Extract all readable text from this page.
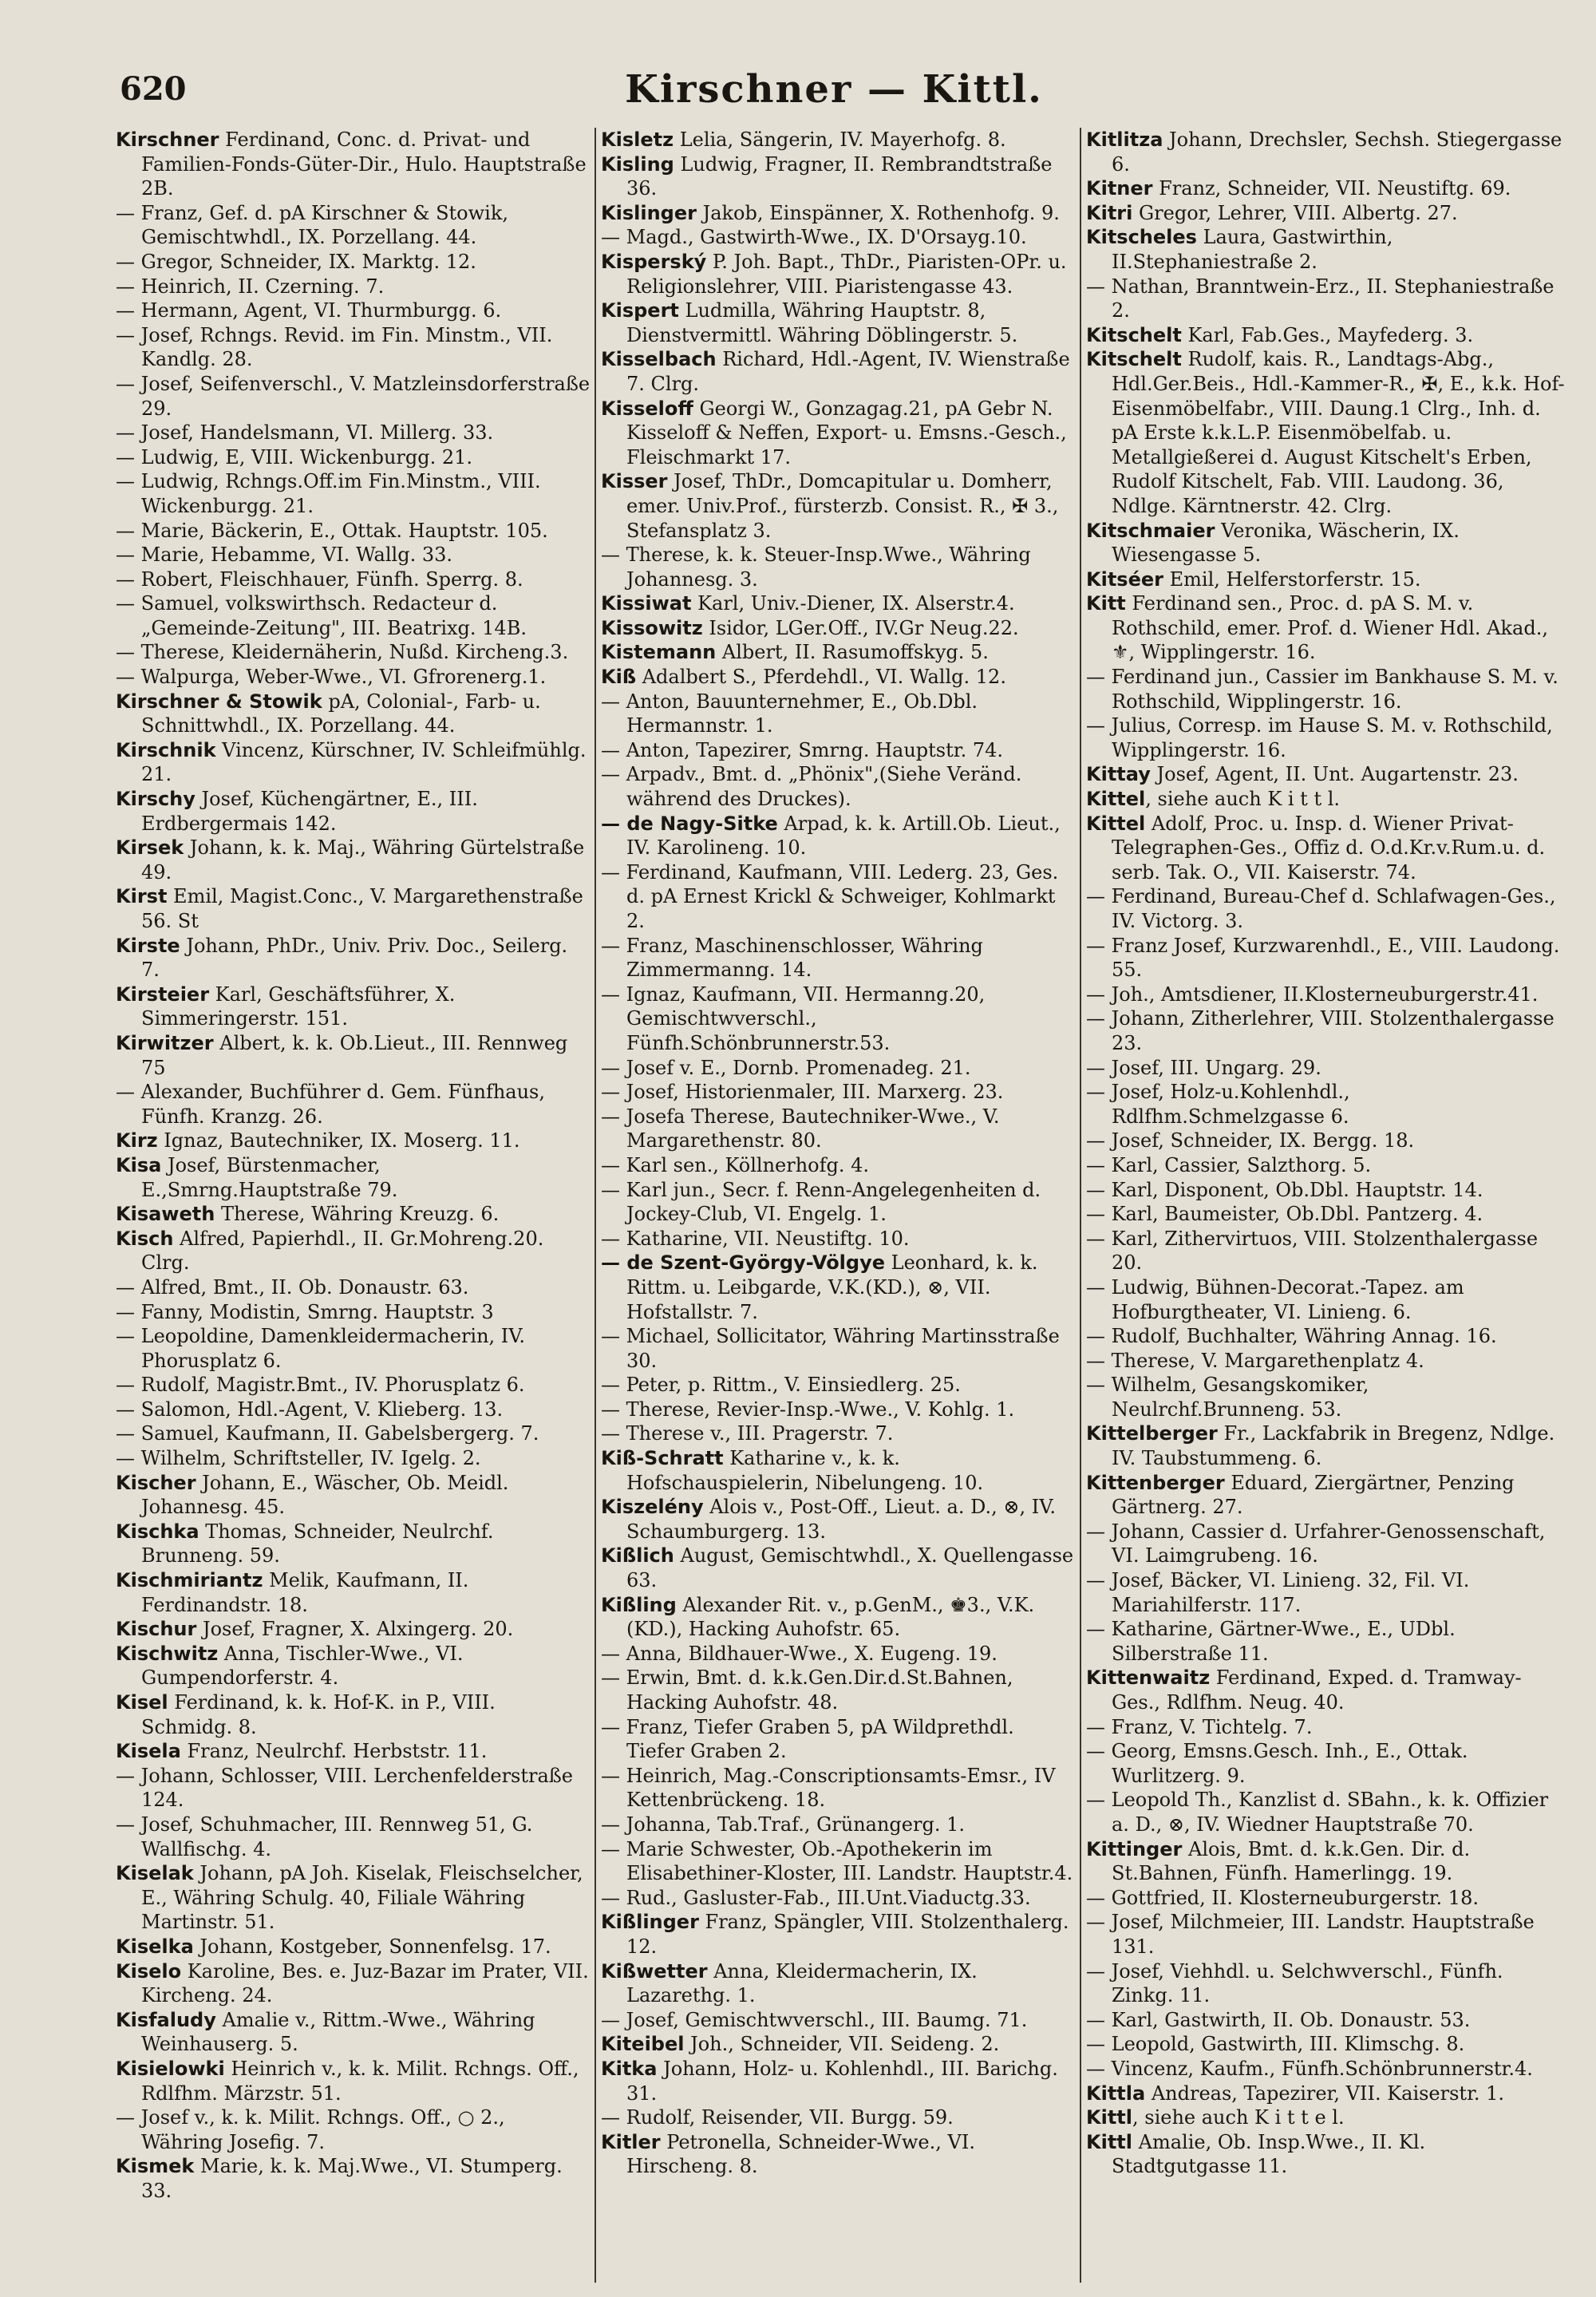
620	Kirschner — Kittl.

Kirschner Ferdinand, Conc. d. Privat- und Familien-Fonds-Güter-Dir., Hulo. Hauptstraße 2B.

— Franz, Gef. d. pA Kirschner & Stowik, Gemischtwhdl., IX. Porzellang. 44.

— Gregor, Schneider, IX. Marktg. 12.

— Heinrich, II. Czerning. 7.

— Hermann, Agent, VI. Thurmburgg. 6.

— Josef, Rchngs. Revid. im Fin. Minstm., VII. Kandlg. 28.

— Josef, Seifenverschl., V. Matzleinsdorferstraße 29.

— Josef, Handelsmann, VI. Millerg. 33.

— Ludwig, E, VIII. Wickenburgg. 21.

— Ludwig, Rchngs.Off.im Fin.Minstm., VIII. Wickenburgg. 21.

— Marie, Bäckerin, E., Ottak. Hauptstr. 105.

— Marie, Hebamme, VI. Wallg. 33.

— Robert, Fleischhauer, Fünfh. Sperrg. 8.

— Samuel, volkswirthsch. Redacteur d. „Gemeinde-Zeitung", III. Beatrixg. 14B.

— Therese, Kleidernäherin, Nußd. Kircheng.3.

— Walpurga, Weber-Wwe., VI. Gfrorenerg.1.

Kirschner & Stowik pA, Colonial-, Farb- u. Schnittwhdl., IX. Porzellang. 44.

Kirschnik Vincenz, Kürschner, IV. Schleifmühlg. 21.

Kirschy Josef, Küchengärtner, E., III. Erdbergermais 142.

Kirsek Johann, k. k. Maj., Währing Gürtelstraße 49.

Kirst Emil, Magist.Conc., V. Margarethenstraße 56. St

Kirste Johann, PhDr., Univ. Priv. Doc., Seilerg. 7.

Kirsteier Karl, Geschäftsführer, X. Simmeringerstr. 151.

Kirwitzer Albert, k. k. Ob.Lieut., III. Rennweg 75

— Alexander, Buchführer d. Gem. Fünfhaus, Fünfh. Kranzg. 26.

Kirz Ignaz, Bautechniker, IX. Moserg. 11.

Kisa Josef, Bürstenmacher, E.,Smrng.Hauptstraße 79.

Kisaweth Therese, Währing Kreuzg. 6.

Kisch Alfred, Papierhdl., II. Gr.Mohreng.20. Clrg.

— Alfred, Bmt., II. Ob. Donaustr. 63.

— Fanny, Modistin, Smrng. Hauptstr. 3

— Leopoldine, Damenkleidermacherin, IV. Phorusplatz 6.

— Rudolf, Magistr.Bmt., IV. Phorusplatz 6.

— Salomon, Hdl.-Agent, V. Klieberg. 13.

— Samuel, Kaufmann, II. Gabelsbergerg. 7.

— Wilhelm, Schriftsteller, IV. Igelg. 2.

Kischer Johann, E., Wäscher, Ob. Meidl. Johannesg. 45.

Kischka Thomas, Schneider, Neulrchf. Brunneng. 59.

Kischmiriantz Melik, Kaufmann, II. Ferdinandstr. 18.

Kischur Josef, Fragner, X. Alxingerg. 20.

Kischwitz Anna, Tischler-Wwe., VI. Gumpendorferstr. 4.

Kisel Ferdinand, k. k. Hof-K. in P., VIII. Schmidg. 8.

Kisela Franz, Neulrchf. Herbststr. 11.

— Johann, Schlosser, VIII. Lerchenfelderstraße 124.

— Josef, Schuhmacher, III. Rennweg 51, G. Wallfischg. 4.

Kiselak Johann, pA Joh. Kiselak, Fleischselcher, E., Währing Schulg. 40, Filiale Währing Martinstr. 51.

Kiselka Johann, Kostgeber, Sonnenfelsg. 17.

Kiselo Karoline, Bes. e. Juz-Bazar im Prater, VII. Kircheng. 24.

Kisfaludy Amalie v., Rittm.-Wwe., Währing Weinhauserg. 5.

Kisielowki Heinrich v., k. k. Milit. Rchngs. Off., Rdlfhm. Märzstr. 51.

— Josef v., k. k. Milit. Rchngs. Off., ○ 2., Währing Josefig. 7.

Kismek Marie, k. k. Maj.Wwe., VI. Stumperg. 33.

Kisletz Lelia, Sängerin, IV. Mayerhofg. 8.

Kisling Ludwig, Fragner, II. Rembrandtstraße 36.

Kislinger Jakob, Einspänner, X. Rothenhofg. 9.

— Magd., Gastwirth-Wwe., IX. D'Orsayg.10.

Kisperský P. Joh. Bapt., ThDr., Piaristen-OPr. u. Religionslehrer, VIII. Piaristengasse 43.

Kispert Ludmilla, Währing Hauptstr. 8, Dienstvermittl. Währing Döblingerstr. 5.

Kisselbach Richard, Hdl.-Agent, IV. Wienstraße 7. Clrg.

Kisseloff Georgi W., Gonzagag.21, pA Gebr N. Kisseloff & Neffen, Export- u. Emsns.-Gesch., Fleischmarkt 17.

Kisser Josef, ThDr., Domcapitular u. Domherr, emer. Univ.Prof., fürsterzb. Consist. R., ✠ 3., Stefansplatz 3.

— Therese, k. k. Steuer-Insp.Wwe., Währing Johannesg. 3.

Kissiwat Karl, Univ.-Diener, IX. Alserstr.4.

Kissowitz Isidor, LGer.Off., IV.Gr Neug.22.

Kistemann Albert, II. Rasumoffskyg. 5.

Kiß Adalbert S., Pferdehdl., VI. Wallg. 12.

— Anton, Bauunternehmer, E., Ob.Dbl. Hermannstr. 1.

— Anton, Tapezirer, Smrng. Hauptstr. 74.

— Arpadv., Bmt. d. „Phönix",(Siehe Veränd. während des Druckes).

— de Nagy-Sitke Arpad, k. k. Artill.Ob. Lieut., IV. Karolineng. 10.

— Ferdinand, Kaufmann, VIII. Lederg. 23, Ges. d. pA Ernest Krickl & Schweiger, Kohlmarkt 2.

— Franz, Maschinenschlosser, Währing Zimmermanng. 14.

— Ignaz, Kaufmann, VII. Hermanng.20, Gemischtwverschl., Fünfh.Schönbrunnerstr.53.

— Josef v. E., Dornb. Promenadeg. 21.

— Josef, Historienmaler, III. Marxerg. 23.

— Josefa Therese, Bautechniker-Wwe., V. Margarethenstr. 80.

— Karl sen., Köllnerhofg. 4.

— Karl jun., Secr. f. Renn-Angelegenheiten d. Jockey-Club, VI. Engelg. 1.

— Katharine, VII. Neustiftg. 10.

— de Szent-György-Völgye Leonhard, k. k. Rittm. u. Leibgarde, V.K.(KD.), ⊗, VII. Hofstallstr. 7.

— Michael, Sollicitator, Währing Martinsstraße 30.

— Peter, p. Rittm., V. Einsiedlerg. 25.

— Therese, Revier-Insp.-Wwe., V. Kohlg. 1.

— Therese v., III. Pragerstr. 7.

Kiß-Schratt Katharine v., k. k. Hofschauspielerin, Nibelungeng. 10.

Kiszelény Alois v., Post-Off., Lieut. a. D., ⊗, IV. Schaumburgerg. 13.

Kißlich August, Gemischtwhdl., X. Quellengasse 63.

Kißling Alexander Rit. v., p.GenM., ♚3., V.K.(KD.), Hacking Auhofstr. 65.

— Anna, Bildhauer-Wwe., X. Eugeng. 19.

— Erwin, Bmt. d. k.k.Gen.Dir.d.St.Bahnen, Hacking Auhofstr. 48.

— Franz, Tiefer Graben 5, pA Wildprethdl. Tiefer Graben 2.

— Heinrich, Mag.-Conscriptionsamts-Emsr., IV Kettenbrückeng. 18.

— Johanna, Tab.Traf., Grünangerg. 1.

— Marie Schwester, Ob.-Apothekerin im Elisabethiner-Kloster, III. Landstr. Hauptstr.4.

— Rud., Gasluster-Fab., III.Unt.Viaductg.33.

Kißlinger Franz, Spängler, VIII. Stolzenthalerg. 12.

Kißwetter Anna, Kleidermacherin, IX. Lazarethg. 1.

— Josef, Gemischtwverschl., III. Baumg. 71.

Kiteibel Joh., Schneider, VII. Seideng. 2.

Kitka Johann, Holz- u. Kohlenhdl., III. Barichg. 31.

— Rudolf, Reisender, VII. Burgg. 59.

Kitler Petronella, Schneider-Wwe., VI. Hirscheng. 8.

Kitlitza Johann, Drechsler, Sechsh. Stiegergasse 6.

Kitner Franz, Schneider, VII. Neustiftg. 69.

Kitri Gregor, Lehrer, VIII. Albertg. 27.

Kitscheles Laura, Gastwirthin, II.Stephaniestraße 2.

— Nathan, Branntwein-Erz., II. Stephaniestraße 2.

Kitschelt Karl, Fab.Ges., Mayfederg. 3.

Kitschelt Rudolf, kais. R., Landtags-Abg., Hdl.Ger.Beis., Hdl.-Kammer-R., ✠, E., k.k. Hof-Eisenmöbelfabr., VIII. Daung.1 Clrg., Inh. d. pA Erste k.k.L.P. Eisenmöbelfab. u. Metallgießerei d. August Kitschelt's Erben, Rudolf Kitschelt, Fab. VIII. Laudong. 36, Ndlge. Kärntnerstr. 42. Clrg.

Kitschmaier Veronika, Wäscherin, IX. Wiesengasse 5.

Kitséer Emil, Helferstorferstr. 15.

Kitt Ferdinand sen., Proc. d. pA S. M. v. Rothschild, emer. Prof. d. Wiener Hdl. Akad., ⚜, Wipplingerstr. 16.

— Ferdinand jun., Cassier im Bankhause S. M. v. Rothschild, Wipplingerstr. 16.

— Julius, Corresp. im Hause S. M. v. Rothschild, Wipplingerstr. 16.

Kittay Josef, Agent, II. Unt. Augartenstr. 23.

Kittel, siehe auch K i t t l.

Kittel Adolf, Proc. u. Insp. d. Wiener Privat-Telegraphen-Ges., Offiz d. O.d.Kr.v.Rum.u. d. serb. Tak. O., VII. Kaiserstr. 74.

— Ferdinand, Bureau-Chef d. Schlafwagen-Ges., IV. Victorg. 3.

— Franz Josef, Kurzwarenhdl., E., VIII. Laudong. 55.

— Joh., Amtsdiener, II.Klosterneuburgerstr.41.

— Johann, Zitherlehrer, VIII. Stolzenthalergasse 23.

— Josef, III. Ungarg. 29.

— Josef, Holz-u.Kohlenhdl., Rdlfhm.Schmelzgasse 6.

— Josef, Schneider, IX. Bergg. 18.

— Karl, Cassier, Salzthorg. 5.

— Karl, Disponent, Ob.Dbl. Hauptstr. 14.

— Karl, Baumeister, Ob.Dbl. Pantzerg. 4.

— Karl, Zithervirtuos, VIII. Stolzenthalergasse 20.

— Ludwig, Bühnen-Decorat.-Tapez. am Hofburgtheater, VI. Linieng. 6.

— Rudolf, Buchhalter, Währing Annag. 16.

— Therese, V. Margarethenplatz 4.

— Wilhelm, Gesangskomiker, Neulrchf.Brunneng. 53.

Kittelberger Fr., Lackfabrik in Bregenz, Ndlge. IV. Taubstummeng. 6.

Kittenberger Eduard, Ziergärtner, Penzing Gärtnerg. 27.

— Johann, Cassier d. Urfahrer-Genossenschaft, VI. Laimgrubeng. 16.

— Josef, Bäcker, VI. Linieng. 32, Fil. VI. Mariahilferstr. 117.

— Katharine, Gärtner-Wwe., E., UDbl. Silberstraße 11.

Kittenwaitz Ferdinand, Exped. d. Tramway-Ges., Rdlfhm. Neug. 40.

— Franz, V. Tichtelg. 7.

— Georg, Emsns.Gesch. Inh., E., Ottak. Wurlitzerg. 9.

— Leopold Th., Kanzlist d. SBahn., k. k. Offizier a. D., ⊗, IV. Wiedner Hauptstraße 70.

Kittinger Alois, Bmt. d. k.k.Gen. Dir. d. St.Bahnen, Fünfh. Hamerlingg. 19.

— Gottfried, II. Klosterneuburgerstr. 18.

— Josef, Milchmeier, III. Landstr. Hauptstraße 131.

— Josef, Viehhdl. u. Selchwverschl., Fünfh. Zinkg. 11.

— Karl, Gastwirth, II. Ob. Donaustr. 53.

— Leopold, Gastwirth, III. Klimschg. 8.

— Vincenz, Kaufm., Fünfh.Schönbrunnerstr.4.

Kittla Andreas, Tapezirer, VII. Kaiserstr. 1.

Kittl, siehe auch K i t t e l.

Kittl Amalie, Ob. Insp.Wwe., II. Kl. Stadtgutgasse 11.
